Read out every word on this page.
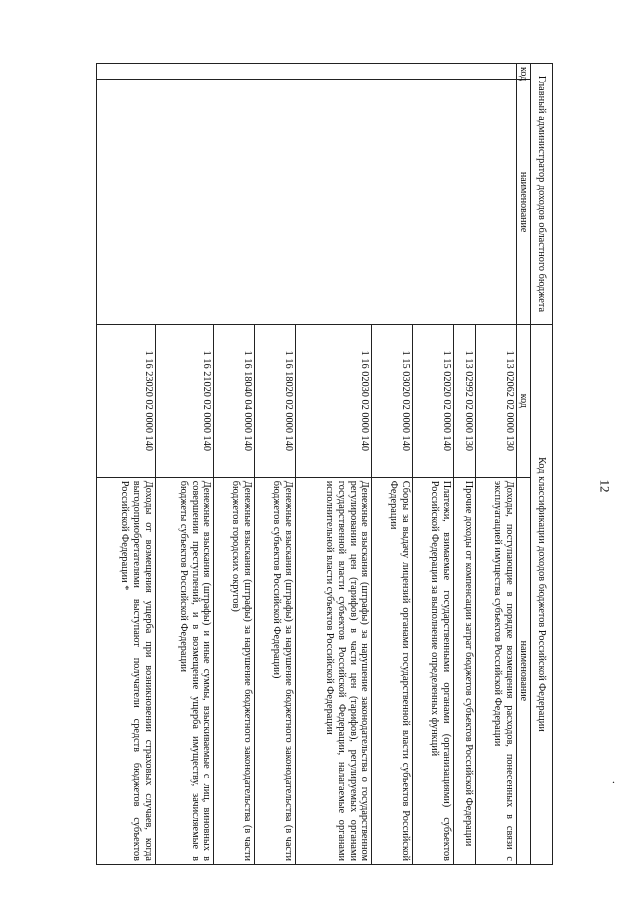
12
.
Главный администратор доходов областного бюджета		Код классификации доходов бюджетов Российской Федерации	
код	наименование	код	наименование
		1 13 02062 02 0000 130	Доходы, поступающие в порядке возмещения расходов, понесенных в связи с эксплуатацией имущества субъектов Российской Федерации
		1 13 02992 02 0000 130	Прочие доходы от компенсации затрат бюджетов субъектов Российской Федерации
		1 15 02020 02 0000 140	Платежи, взимаемые государственными органами (организациями) субъектов Российской Федерации за выполнение определенных функций
		1 15 03020 02 0000 140	Сборы за выдачу лицензий органами государственной власти субъектов Российской Федерации
		1 16 02030 02 0000 140	Денежные взыскания (штрафы) за нарушение законодательства о государственном регулировании цен (тарифов) в части цен (тарифов), регулируемых органами государственной власти субъектов Российской Федерации, налагаемые органами исполнительной власти субъектов Российской Федерации
		1 16 18020 02 0000 140	Денежные взыскания (штрафы) за нарушение бюджетного законодательства (в части бюджетов субъектов Российской Федерации)
		1 16 18040 04 0000 140	Денежные взыскания (штрафы) за нарушение бюджетного законодательства (в части бюджетов городских округов)
		1 16 21020 02 0000 140	Денежные взыскания (штрафы) и иные суммы, взыскиваемые с лиц, виновных в совершении преступлений, и в возмещение ущерба имуществу, зачисляемые в бюджеты субъектов Российской Федерации
		1 16 23020 02 0000 140	Доходы от возмещения ущерба при возникновении страховых случаев, когда выгодоприобретателями выступают получатели средств бюджетов субъектов Российской Федерации *
